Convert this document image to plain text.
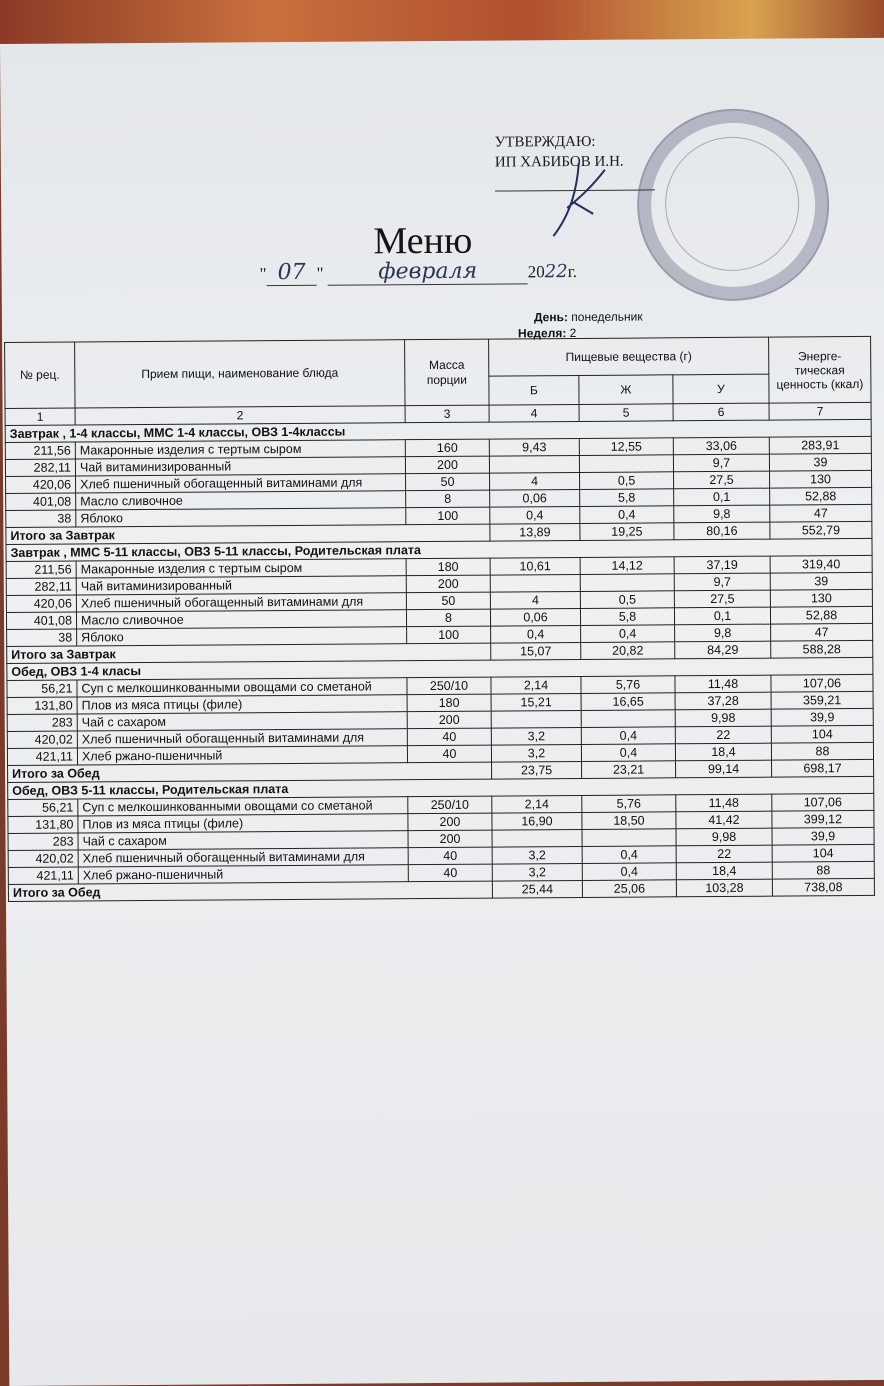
УТВЕРЖДАЮ:
ИП ХАБИБОВ И.Н.
Меню
" 07 " февраля	2022г.
День: понедельник
Неделя: 2
№ рец.	Прием пищи, наименование блюда	Масса порции	Пищевые вещества (г)			Энерге-тическая ценность (ккал)
			Б	Ж	У	
1	2	3	4	5	6	7
Завтрак , 1-4 классы, ММС 1-4 классы, ОВЗ 1-4классы						
211,56	Макаронные изделия с тертым сыром	160	9,43	12,55	33,06	283,91
282,11	Чай витаминизированный	200			9,7	39
420,06	Хлеб пшеничный обогащенный витаминами для	50	4	0,5	27,5	130
401,08	Масло сливочное	8	0,06	5,8	0,1	52,88
38	Яблоко	100	0,4	0,4	9,8	47
Итого за Завтрак			13,89	19,25	80,16	552,79
Завтрак , ММС 5-11 классы, ОВЗ 5-11 классы, Родительская плата						
211,56	Макаронные изделия с тертым сыром	180	10,61	14,12	37,19	319,40
282,11	Чай витаминизированный	200			9,7	39
420,06	Хлеб пшеничный обогащенный витаминами для	50	4	0,5	27,5	130
401,08	Масло сливочное	8	0,06	5,8	0,1	52,88
38	Яблоко	100	0,4	0,4	9,8	47
Итого за Завтрак			15,07	20,82	84,29	588,28
Обед, ОВЗ 1-4 класы						
56,21	Суп с мелкошинкованными овощами со сметаной	250/10	2,14	5,76	11,48	107,06
131,80	Плов из мяса птицы (филе)	180	15,21	16,65	37,28	359,21
283	Чай с сахаром	200			9,98	39,9
420,02	Хлеб пшеничный обогащенный витаминами для	40	3,2	0,4	22	104
421,11	Хлеб ржано-пшеничный	40	3,2	0,4	18,4	88
Итого за Обед			23,75	23,21	99,14	698,17
Обед, ОВЗ 5-11 классы, Родительская плата						
56,21	Суп с мелкошинкованными овощами со сметаной	250/10	2,14	5,76	11,48	107,06
131,80	Плов из мяса птицы (филе)	200	16,90	18,50	41,42	399,12
283	Чай с сахаром	200			9,98	39,9
420,02	Хлеб пшеничный обогащенный витаминами для	40	3,2	0,4	22	104
421,11	Хлеб ржано-пшеничный	40	3,2	0,4	18,4	88
Итого за Обед			25,44	25,06	103,28	738,08
